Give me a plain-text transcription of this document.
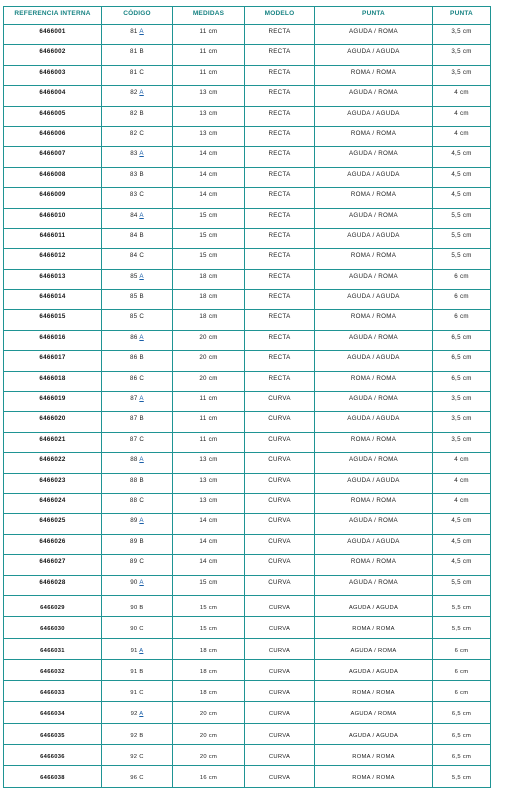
REFERENCIA INTERNA	CÓDIGO	MEDIDAS	MODELO	PUNTA	PUNTA
6466001	81 A	11 cm	RECTA	AGUDA / ROMA	3,5 cm
6466002	81 B	11 cm	RECTA	AGUDA / AGUDA	3,5 cm
6466003	81 C	11 cm	RECTA	ROMA / ROMA	3,5 cm
6466004	82 A	13 cm	RECTA	AGUDA / ROMA	4 cm
6466005	82 B	13 cm	RECTA	AGUDA / AGUDA	4 cm
6466006	82 C	13 cm	RECTA	ROMA / ROMA	4 cm
6466007	83 A	14 cm	RECTA	AGUDA / ROMA	4,5 cm
6466008	83 B	14 cm	RECTA	AGUDA / AGUDA	4,5 cm
6466009	83 C	14 cm	RECTA	ROMA / ROMA	4,5 cm
6466010	84 A	15 cm	RECTA	AGUDA / ROMA	5,5 cm
6466011	84 B	15 cm	RECTA	AGUDA / AGUDA	5,5 cm
6466012	84 C	15 cm	RECTA	ROMA / ROMA	5,5 cm
6466013	85 A	18 cm	RECTA	AGUDA / ROMA	6 cm
6466014	85 B	18 cm	RECTA	AGUDA / AGUDA	6 cm
6466015	85 C	18 cm	RECTA	ROMA / ROMA	6 cm
6466016	86 A	20 cm	RECTA	AGUDA / ROMA	6,5 cm
6466017	86 B	20 cm	RECTA	AGUDA / AGUDA	6,5 cm
6466018	86 C	20 cm	RECTA	ROMA / ROMA	6,5 cm
6466019	87 A	11 cm	CURVA	AGUDA / ROMA	3,5 cm
6466020	87 B	11 cm	CURVA	AGUDA / AGUDA	3,5 cm
6466021	87 C	11 cm	CURVA	ROMA / ROMA	3,5 cm
6466022	88 A	13 cm	CURVA	AGUDA / ROMA	4 cm
6466023	88 B	13 cm	CURVA	AGUDA / AGUDA	4 cm
6466024	88 C	13 cm	CURVA	ROMA / ROMA	4 cm
6466025	89 A	14 cm	CURVA	AGUDA / ROMA	4,5 cm
6466026	89 B	14 cm	CURVA	AGUDA / AGUDA	4,5 cm
6466027	89 C	14 cm	CURVA	ROMA / ROMA	4,5 cm
6466028	90 A	15 cm	CURVA	AGUDA / ROMA	5,5 cm
6466029	90 B	15 cm	CURVA	AGUDA / AGUDA	5,5 cm
6466030	90 C	15 cm	CURVA	ROMA / ROMA	5,5 cm
6466031	91 A	18 cm	CURVA	AGUDA / ROMA	6 cm
6466032	91 B	18 cm	CURVA	AGUDA / AGUDA	6 cm
6466033	91 C	18 cm	CURVA	ROMA / ROMA	6 cm
6466034	92 A	20 cm	CURVA	AGUDA / ROMA	6,5 cm
6466035	92 B	20 cm	CURVA	AGUDA / AGUDA	6,5 cm
6466036	92 C	20 cm	CURVA	ROMA / ROMA	6,5 cm
6466038	96 C	16 cm	CURVA	ROMA / ROMA	5,5 cm
